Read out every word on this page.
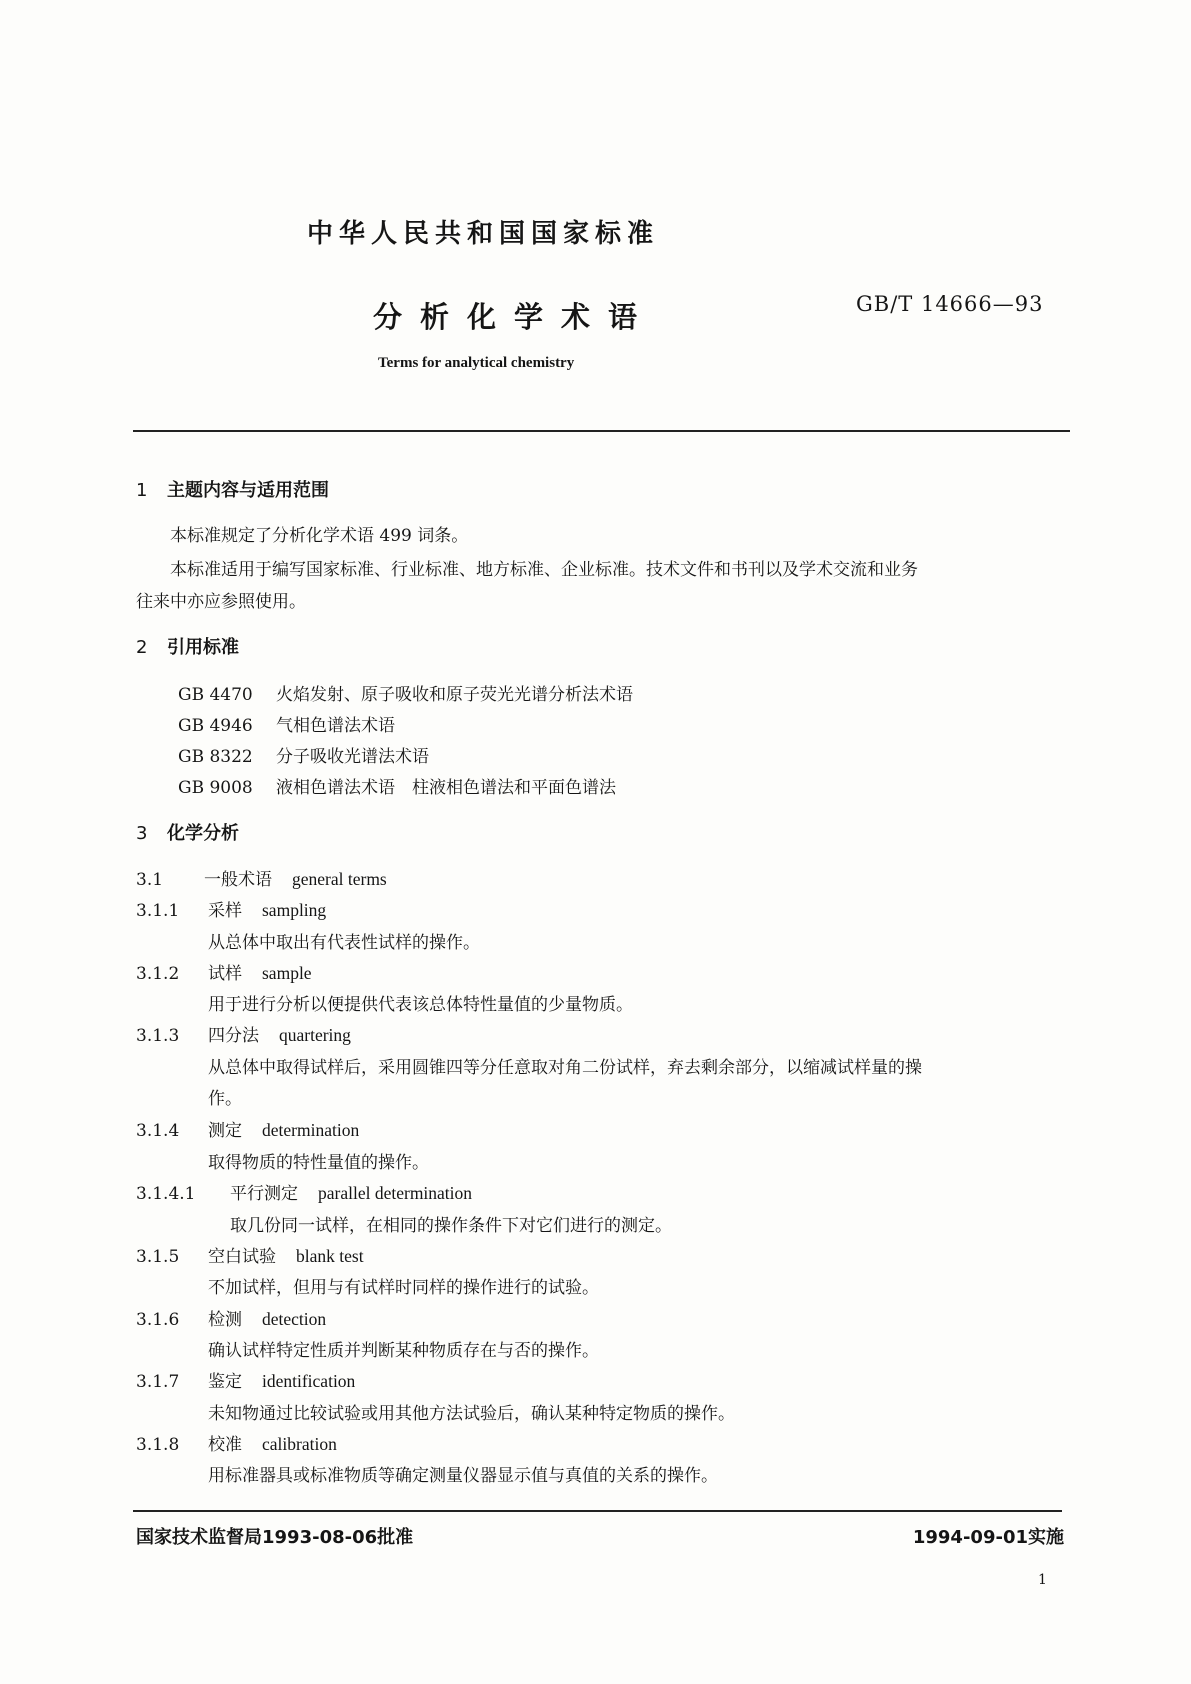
中华人民共和国国家标准
分析化学术语	GB/T 14666—93
Terms for analytical chemistry
1 主题内容与适用范围
本标准规定了分析化学术语 499 词条。
本标准适用于编写国家标准、行业标准、地方标准、企业标准。技术文件和书刊以及学术交流和业务
往来中亦应参照使用。
2 引用标准
GB 4470 火焰发射、原子吸收和原子荧光光谱分析法术语
GB 4946 气相色谱法术语
GB 8322 分子吸收光谱法术语
GB 9008 液相色谱法术语　柱液相色谱法和平面色谱法
3 化学分析
3.1 一般术语 general terms
3.1.1 采样 sampling
从总体中取出有代表性试样的操作。
3.1.2 试样 sample
用于进行分析以便提供代表该总体特性量值的少量物质。
3.1.3 四分法 quartering
从总体中取得试样后，采用圆锥四等分任意取对角二份试样，弃去剩余部分，以缩减试样量的操
作。
3.1.4 测定 determination
取得物质的特性量值的操作。
3.1.4.1 平行测定 parallel determination
取几份同一试样，在相同的操作条件下对它们进行的测定。
3.1.5 空白试验 blank test
不加试样，但用与有试样时同样的操作进行的试验。
3.1.6 检测 detection
确认试样特定性质并判断某种物质存在与否的操作。
3.1.7 鉴定 identification
未知物通过比较试验或用其他方法试验后，确认某种特定物质的操作。
3.1.8 校准 calibration
用标准器具或标准物质等确定测量仪器显示值与真值的关系的操作。
国家技术监督局1993-08-06批准	1994-09-01实施
1
